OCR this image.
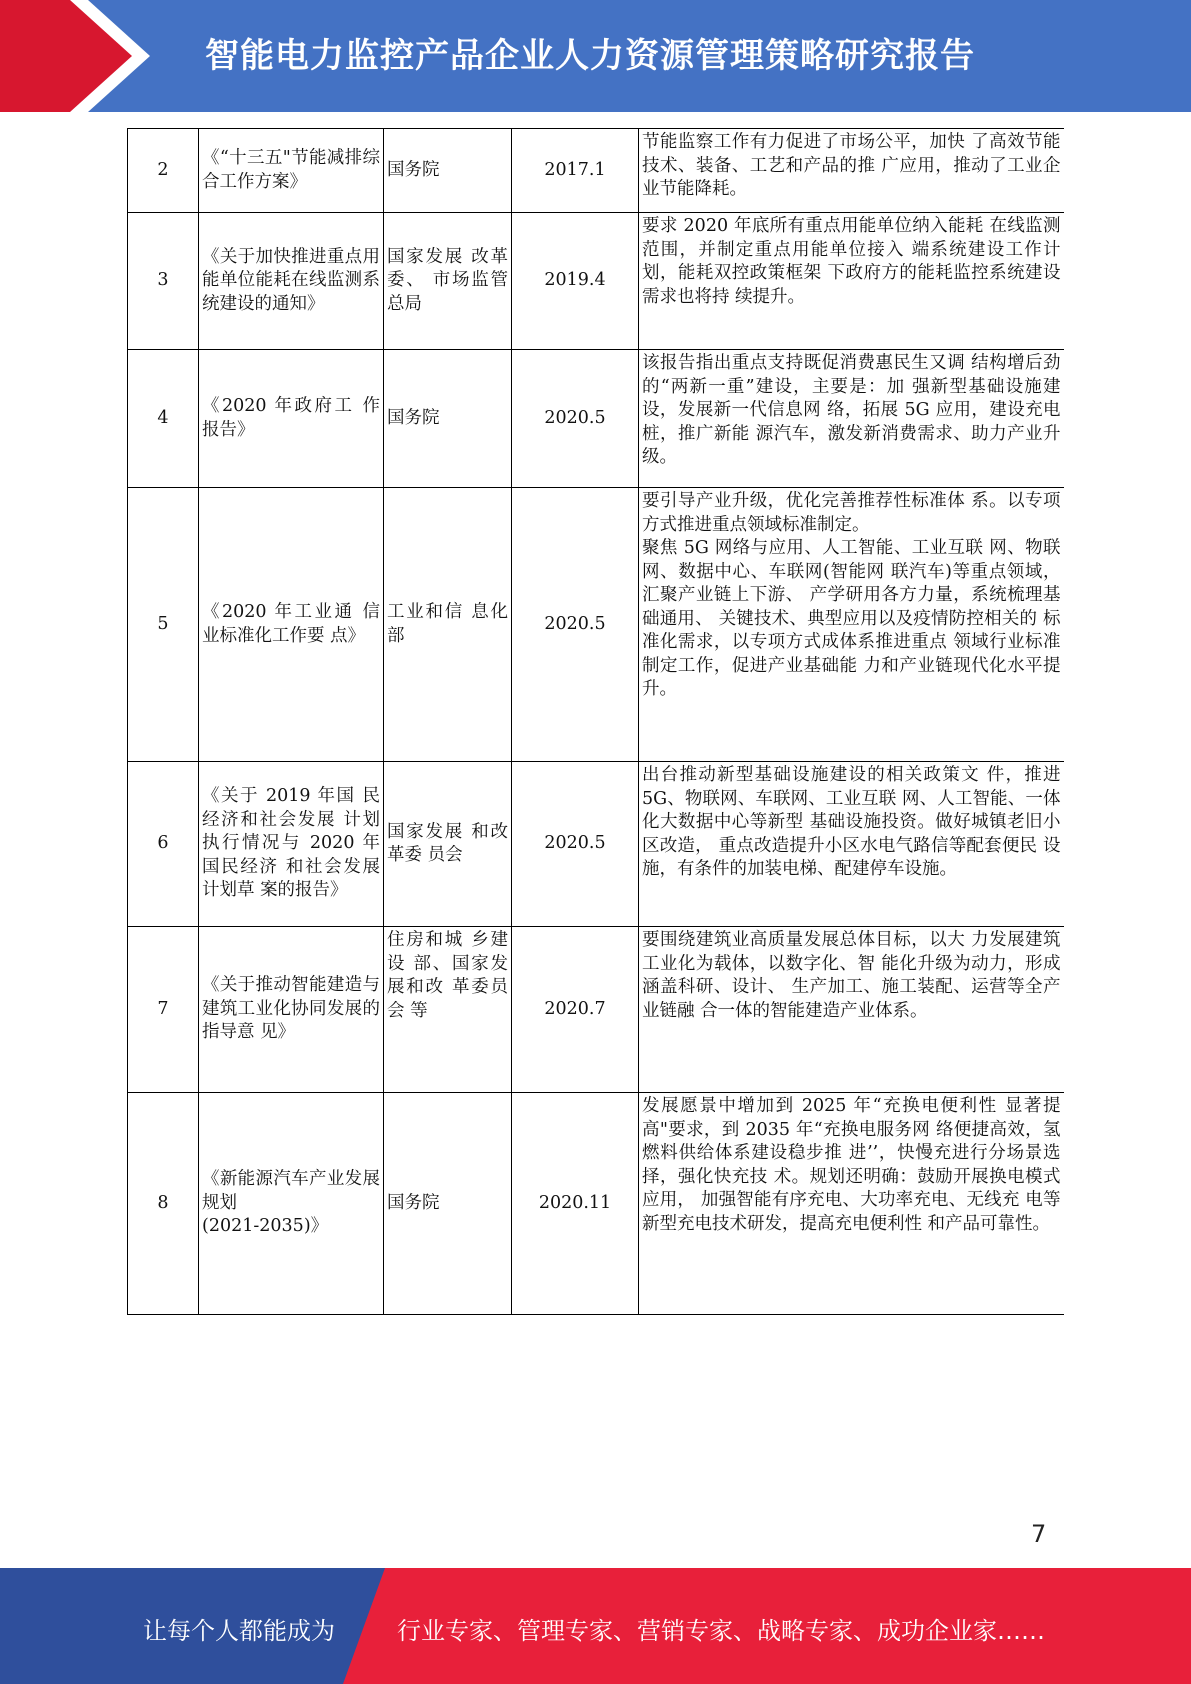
智能电力监控产品企业人力资源管理策略研究报告
2	《“十三五"节能减排综合工作方案》	国务院	2017.1	节能监察工作有力促进了市场公平，加快 了高效节能技术、装备、工艺和产品的推 广应用，推动了工业企业节能降耗。
3	《关于加快推进重点用能单位能耗在线监测系统建设的通知》	国家发展 改革委、 市场监管 总局	2019.4	要求 2020 年底所有重点用能单位纳入能耗 在线监测范围，并制定重点用能单位接入 端系统建设工作计划，能耗双控政策框架 下政府方的能耗监控系统建设需求也将持 续提升。
4	《2020 年政府工 作报告》	国务院	2020.5	该报告指出重点支持既促消费惠民生又调 结构增后劲的“两新一重”建设，主要是：加 强新型基础设施建设，发展新一代信息网 络，拓展 5G 应用，建设充电桩，推广新能 源汽车，激发新消费需求、助力产业升级。
5	《2020 年工业通 信业标准化工作要 点》	工业和信 息化部	2020.5	要引导产业升级，优化完善推荐性标准体 系。以专项方式推进重点领域标准制定。
聚焦 5G 网络与应用、人工智能、工业互联 网、物联网、数据中心、车联网(智能网 联汽车)等重点领域，汇聚产业链上下游、 产学研用各方力量，系统梳理基础通用、 关键技术、典型应用以及疫情防控相关的 标准化需求，以专项方式成体系推进重点 领域行业标准制定工作，促进产业基础能 力和产业链现代化水平提升。
6	《关于 2019 年国 民经济和社会发展 计划执行情况与 2020 年国民经济 和社会发展计划草 案的报告》	国家发展 和改革委 员会	2020.5	出台推动新型基础设施建设的相关政策文 件，推进 5G、物联网、车联网、工业互联 网、人工智能、一体化大数据中心等新型 基础设施投资。做好城镇老旧小区改造， 重点改造提升小区水电气路信等配套便民 设施，有条件的加装电梯、配建停车设施。
7	《关于推动智能建造与建筑工业化协同发展的指导意 见》	住房和城 乡建设 部、国家发展和改 革委员会 等	2020.7	要围绕建筑业高质量发展总体目标，以大 力发展建筑工业化为载体，以数字化、智 能化升级为动力，形成涵盖科研、设计、 生产加工、施工装配、运营等全产业链融 合一体的智能建造产业体系。
8	《新能源汽车产业发展规划
(2021-2035)》	国务院	2020.11	发展愿景中增加到 2025 年“充换电便利性 显著提高"要求，到 2035 年“充换电服务网 络便捷高效，氢燃料供给体系建设稳步推 进’’，快慢充进行分场景选择，强化快充技 术。规划还明确：鼓励开展换电模式应用， 加强智能有序充电、大功率充电、无线充 电等新型充电技术研发，提高充电便利性 和产品可靠性。
7
让每个人都能成为	行业专家、管理专家、营销专家、战略专家、成功企业家……
